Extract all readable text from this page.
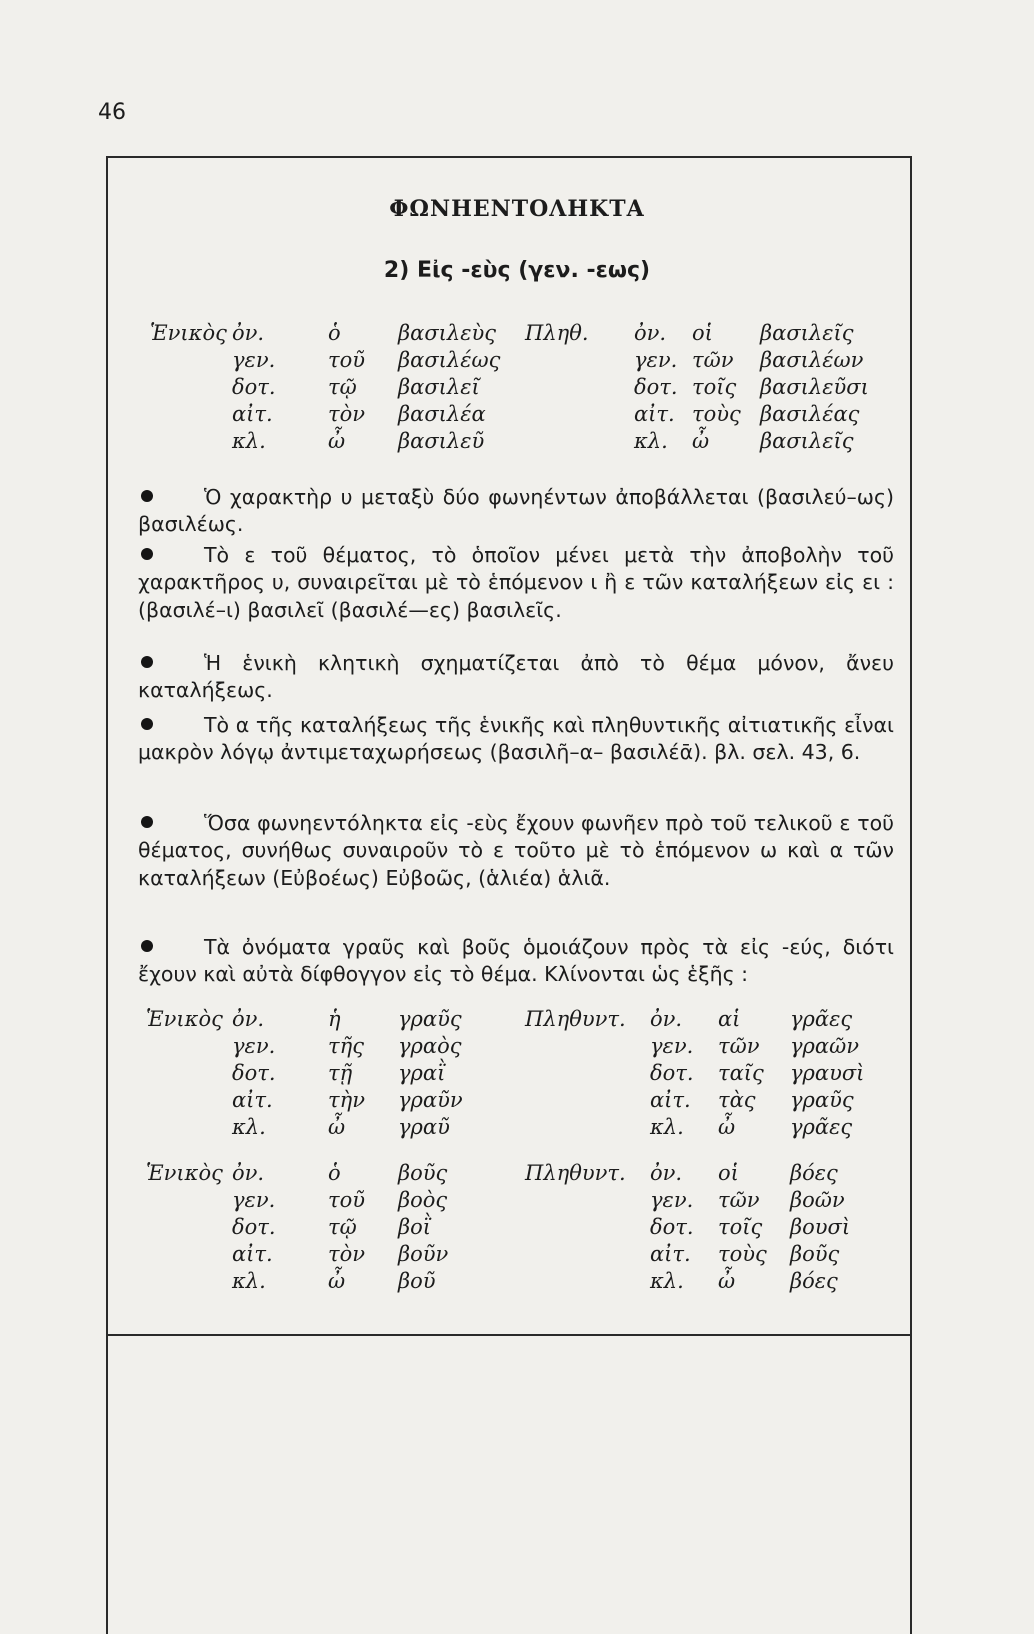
46
ΦΩΝΗΕΝΤΟΛΗΚΤΑ
2) Εἰς -εὺς (γεν. -εως)
Ἑνικὸς	Πληθ.
ὀν.	ὁ	βασιλεὺς	ὀν. οἱ βασιλεῖς
γεν.	τοῦ βασιλέως	γεν. τῶν βασιλέων
δοτ. τῷ βασιλεῖ	δοτ. τοῖς βασιλεῦσι
αἰτ.	τὸν βασιλέα	αἰτ. τοὺς βασιλέας
κλ.	ὦ	βασιλεῦ	κλ. ὦ βασιλεῖς
Ὁ χαρακτὴρ υ μεταξὺ δύο φωνηέντων ἀποβάλλεται (βασιλεύ–ως) βασιλέως.
Τὸ ε τοῦ θέματος, τὸ ὁποῖον μένει μετὰ τὴν ἀποβολὴν τοῦ χαρακτῆρος υ, συναιρεῖται μὲ τὸ ἑπόμενον ι ἢ ε τῶν καταλήξεων εἰς ει : (βασιλέ–ι) βασιλεῖ (βασιλέ—ες) βασιλεῖς.
Ἡ ἑνικὴ κλητικὴ σχηματίζεται ἀπὸ τὸ θέμα μόνον, ἄνευ καταλήξεως.
Τὸ α τῆς καταλήξεως τῆς ἑνικῆς καὶ πληθυντικῆς αἰτιατικῆς εἶναι μακρὸν λόγῳ ἀντιμεταχωρήσεως (βασιλῆ–α– βασιλέᾱ). βλ. σελ. 43, 6.
Ὅσα φωνηεντόληκτα εἰς -εὺς ἔχουν φωνῆεν πρὸ τοῦ τελικοῦ ε τοῦ θέματος, συνήθως συναιροῦν τὸ ε τοῦτο μὲ τὸ ἑπόμενον ω καὶ α τῶν καταλήξεων (Εὐβοέως) Εὐβοῶς, (ἁλιέα) ἁλιᾶ.
Τὰ ὀνόματα γραῦς καὶ βοῦς ὁμοιάζουν πρὸς τὰ εἰς -εύς, διότι ἔχουν καὶ αὐτὰ δίφθογγον εἰς τὸ θέμα. Κλίνονται ὡς ἑξῆς :
Ἑνικὸς	Πληθυντ.
ὀν.	ἡ	γραῦς	ὀν. αἱ γρᾶες
γεν.	τῆς γραὸς	γεν. τῶν γραῶν
δοτ. τῇ γραῒ	δοτ. ταῖς γραυσὶ
αἰτ.	τὴν γραῦν	αἰτ. τὰς γραῦς
κλ.	ὦ	γραῦ	κλ. ὦ	γρᾶες
Ἑνικὸς	Πληθυντ.
ὀν.	ὁ	βοῦς	ὀν. οἱ βόες
γεν.	τοῦ βοὸς	γεν. τῶν βοῶν
δοτ. τῷ βοῒ	δοτ. τοῖς βουσὶ
αἰτ.	τὸν βοῦν	αἰτ. τοὺς βοῦς
κλ.	ὦ	βοῦ	κλ. ὦ	βόες
